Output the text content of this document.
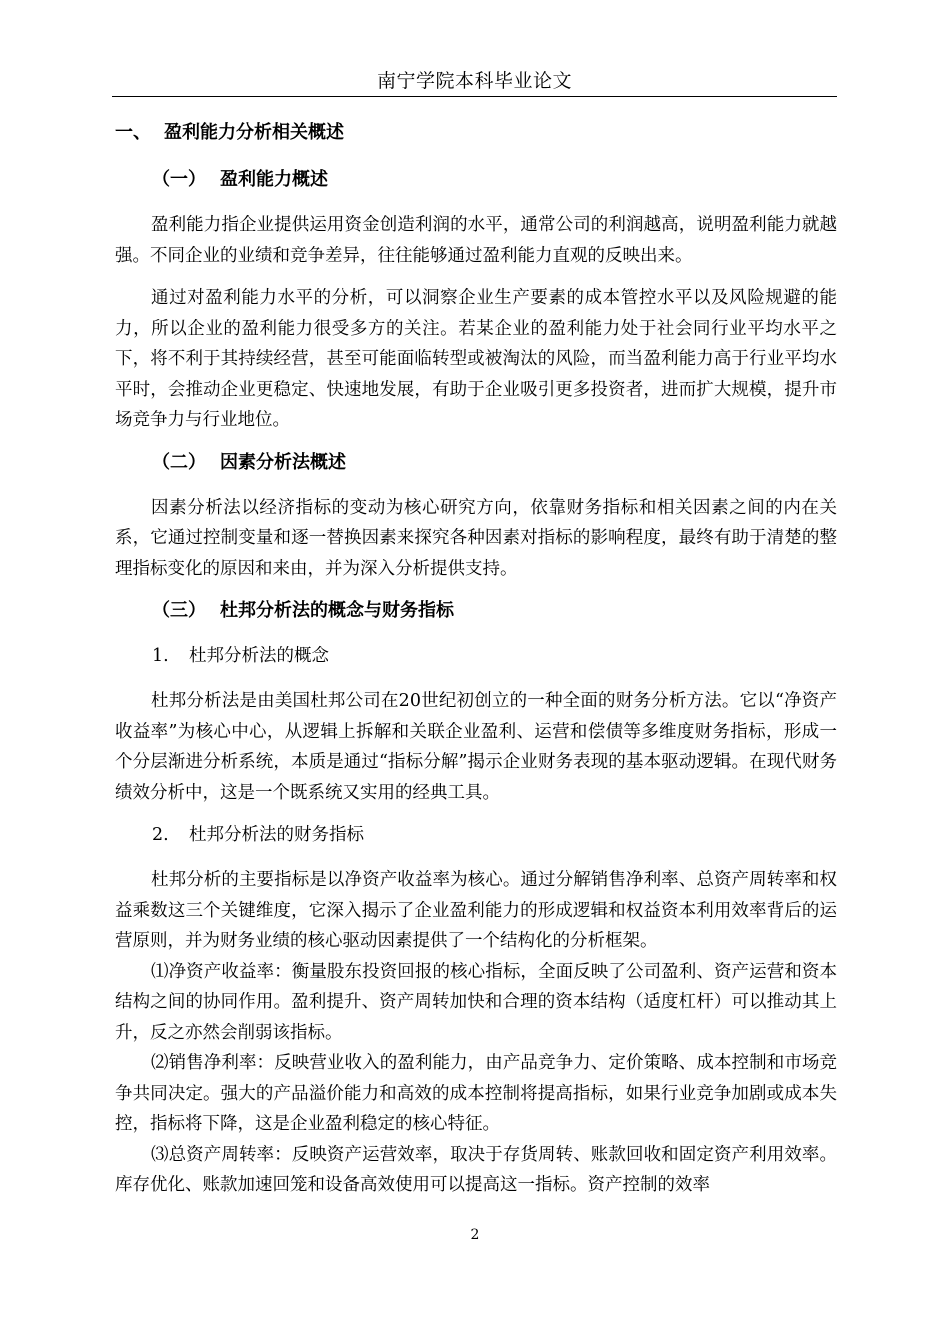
南宁学院本科毕业论文
一、 盈利能力分析相关概述
（一） 盈利能力概述

盈利能力指企业提供运用资金创造利润的水平，通常公司的利润越高，说明盈利能力就越强。不同企业的业绩和竞争差异，往往能够通过盈利能力直观的反映出来。

通过对盈利能力水平的分析，可以洞察企业生产要素的成本管控水平以及风险规避的能力，所以企业的盈利能力很受多方的关注。若某企业的盈利能力处于社会同行业平均水平之下，将不利于其持续经营，甚至可能面临转型或被淘汰的风险，而当盈利能力高于行业平均水平时，会推动企业更稳定、快速地发展，有助于企业吸引更多投资者，进而扩大规模，提升市场竞争力与行业地位。

（二） 因素分析法概述

因素分析法以经济指标的变动为核心研究方向，依靠财务指标和相关因素之间的内在关系，它通过控制变量和逐一替换因素来探究各种因素对指标的影响程度，最终有助于清楚的整理指标变化的原因和来由，并为深入分析提供支持。

（三） 杜邦分析法的概念与财务指标
1. 杜邦分析法的概念

杜邦分析法是由美国杜邦公司在20世纪初创立的一种全面的财务分析方法。它以“净资产收益率”为核心中心，从逻辑上拆解和关联企业盈利、运营和偿债等多维度财务指标，形成一个分层渐进分析系统，本质是通过“指标分解”揭示企业财务表现的基本驱动逻辑。在现代财务绩效分析中，这是一个既系统又实用的经典工具。

2. 杜邦分析法的财务指标

杜邦分析的主要指标是以净资产收益率为核心。通过分解销售净利率、总资产周转率和权益乘数这三个关键维度，它深入揭示了企业盈利能力的形成逻辑和权益资本利用效率背后的运营原则，并为财务业绩的核心驱动因素提供了一个结构化的分析框架。

⑴净资产收益率：衡量股东投资回报的核心指标，全面反映了公司盈利、资产运营和资本结构之间的协同作用。盈利提升、资产周转加快和合理的资本结构（适度杠杆）可以推动其上升，反之亦然会削弱该指标。

⑵销售净利率：反映营业收入的盈利能力，由产品竞争力、定价策略、成本控制和市场竞争共同决定。强大的产品溢价能力和高效的成本控制将提高指标，如果行业竞争加剧或成本失控，指标将下降，这是企业盈利稳定的核心特征。

⑶总资产周转率：反映资产运营效率，取决于存货周转、账款回收和固定资产利用效率。库存优化、账款加速回笼和设备高效使用可以提高这一指标。资产控制的效率

2
